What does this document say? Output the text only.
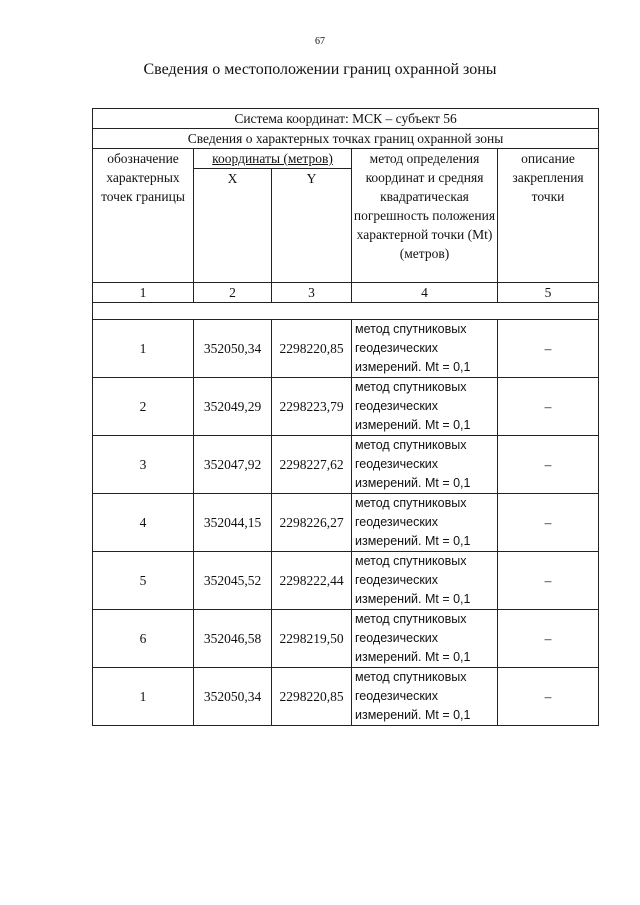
67
Сведения о местоположении границ охранной зоны
Система координат: МСК – субъект 56				
Сведения о характерных точках границ охранной зоны				

обозначение характерных точек границы	координаты (метров)		метод определения координат и средняя квадратическая погрешность положения характерной точки (Mt) (метров)	описание закрепления точки

	X	Y		
1	2	3	4	5

1	352050,34	2298220,85	метод спутниковых геодезических измерений. Mt = 0,1	–
2	352049,29	2298223,79	метод спутниковых геодезических измерений. Mt = 0,1	–
3	352047,92	2298227,62	метод спутниковых геодезических измерений. Mt = 0,1	–
4	352044,15	2298226,27	метод спутниковых геодезических измерений. Mt = 0,1	–
5	352045,52	2298222,44	метод спутниковых геодезических измерений. Mt = 0,1	–
6	352046,58	2298219,50	метод спутниковых геодезических измерений. Mt = 0,1	–
1	352050,34	2298220,85	метод спутниковых геодезических измерений. Mt = 0,1	–
